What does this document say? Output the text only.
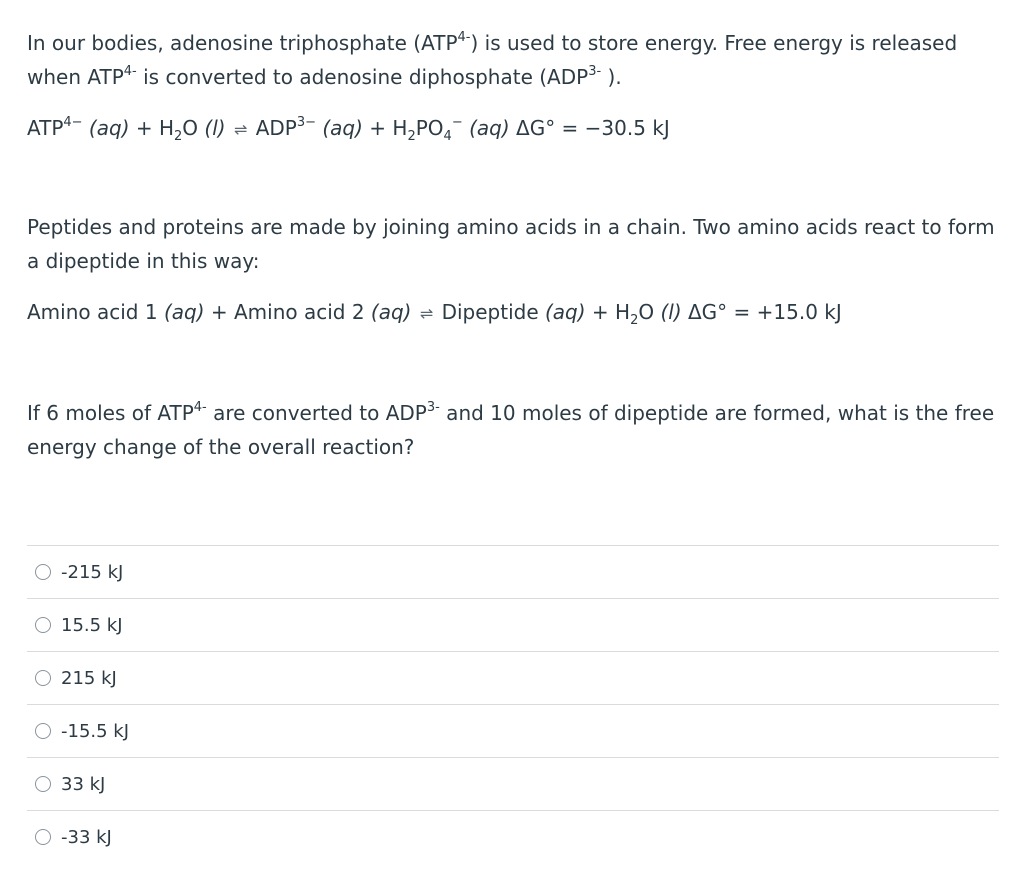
In our bodies, adenosine triphosphate $(ATP^{4-})$ is used to store energy. Free energy is released when $ATP^{4-}$ is converted to adenosine diphosphate ($ADP^{3-}$ ).

$ATP^{4-}$ $(aq) + H_2O$ (l) ⇌ $ADP^{3-}$ $(aq) + H_2PO_4^-$ (aq) ΔG° = −30.5 kJ

Peptides and proteins are made by joining amino acids in a chain. Two amino acids react to form a dipeptide in this way:

Amino acid 1 (aq) + Amino acid 2 (aq) ⇌ Dipeptide $(aq) + H_2O$ (l) ΔG° = +15.0 kJ

If 6 moles of $ATP^{4-}$ are converted to $ADP^{3-}$ and 10 moles of dipeptide are formed, what is the free energy change of the overall reaction?

-215 kJ
15.5 kJ
215 kJ
-15.5 kJ
33 kJ
-33 kJ
